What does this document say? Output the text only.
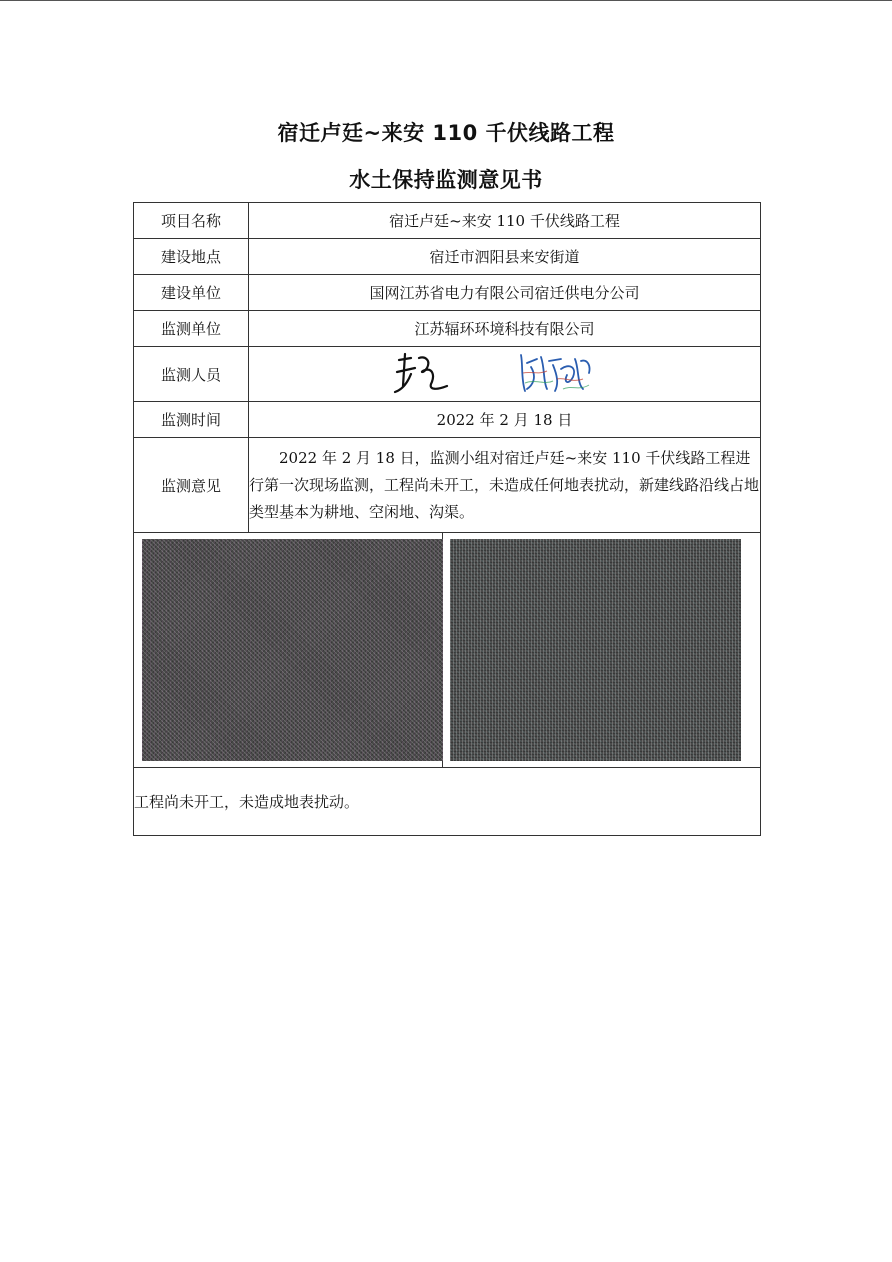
宿迁卢廷~来安 110 千伏线路工程
水土保持监测意见书
项目名称	宿迁卢廷~来安 110 千伏线路工程	
建设地点	宿迁市泗阳县来安街道	
建设单位	国网江苏省电力有限公司宿迁供电分公司	
监测单位	江苏辐环环境科技有限公司	
监测人员	

监测时间	2022 年 2 月 18 日	
监测意见	2022 年 2 月 18 日，监测小组对宿迁卢廷~来安 110 千伏线路工程进行第一次现场监测，工程尚未开工，未造成任何地表扰动，新建线路沿线占地类型基本为耕地、空闲地、沟渠。	

工程尚未开工，未造成地表扰动。		
